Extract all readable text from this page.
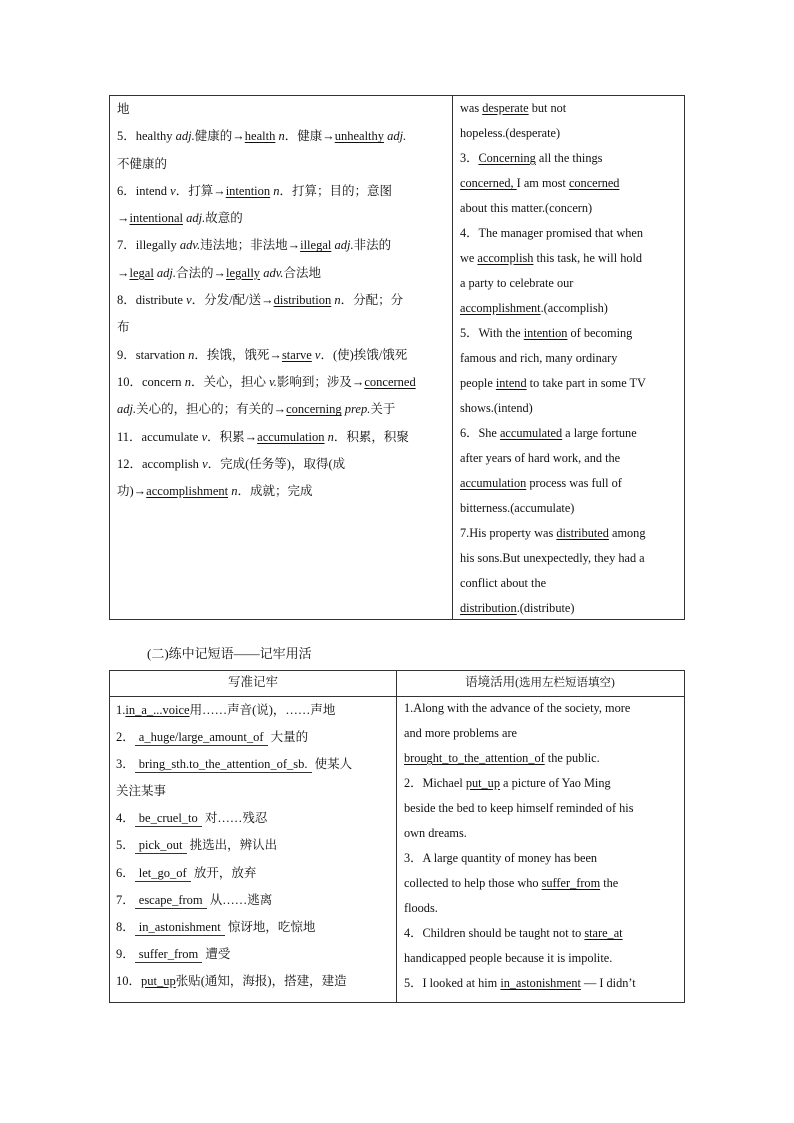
地
5．healthy adj.健康的→health n．健康→unhealthy adj.
不健康的
6．intend v．打算→intention n．打算；目的；意图
→intentional adj.故意的
7．illegally adv.违法地；非法地→illegal adj.非法的
→legal adj.合法的→legally adv.合法地
8．distribute v．分发/配/送→distribution n．分配；分
布
9．starvation n．挨饿，饿死→starve v．(使)挨饿/饿死
10．concern n．关心，担心 v.影响到；涉及→concerned
adj.关心的，担心的；有关的→concerning prep.关于
11．accumulate v．积累→accumulation n．积累，积聚
12．accomplish v．完成(任务等)，取得(成
功)→accomplishment n．成就；完成
was desperate but not
hopeless.(desperate)
3．Concerning all the things
concerned, I am most concerned
about this matter.(concern)
4．The manager promised that when
we accomplish this task, he will hold
a party to celebrate our
accomplishment.(accomplish)
5．With the intention of becoming
famous and rich, many ordinary
people intend to take part in some TV
shows.(intend)
6．She accumulated a large fortune
after years of hard work, and the
accumulation process was full of
bitterness.(accumulate)
7.His property was distributed among
his sons.But unexpectedly, they had a
conflict about the
distribution.(distribute)
(二)练中记短语——记牢用活
写准记牢	语境活用(选用左栏短语填空)
1.in_a_...voice用……声音(说)，……声地
2． a_huge/large_amount_of 大量的
3． bring_sth.to_the_attention_of_sb. 使某人
关注某事
4． be_cruel_to 对……残忍
5． pick_out 挑选出，辨认出
6． let_go_of 放开，放弃
7． escape_from 从……逃离
8． in_astonishment 惊讶地，吃惊地
9． suffer_from 遭受
10．put_up张贴(通知，海报)，搭建，建造
1.Along with the advance of the society, more
and more problems are
brought_to_the_attention_of the public.
2．Michael put_up a picture of Yao Ming
beside the bed to keep himself reminded of his
own dreams.
3．A large quantity of money has been
collected to help those who suffer_from the
floods.
4．Children should be taught not to stare_at
handicapped people because it is impolite.
5．I looked at him in_astonishment — I didn’t
